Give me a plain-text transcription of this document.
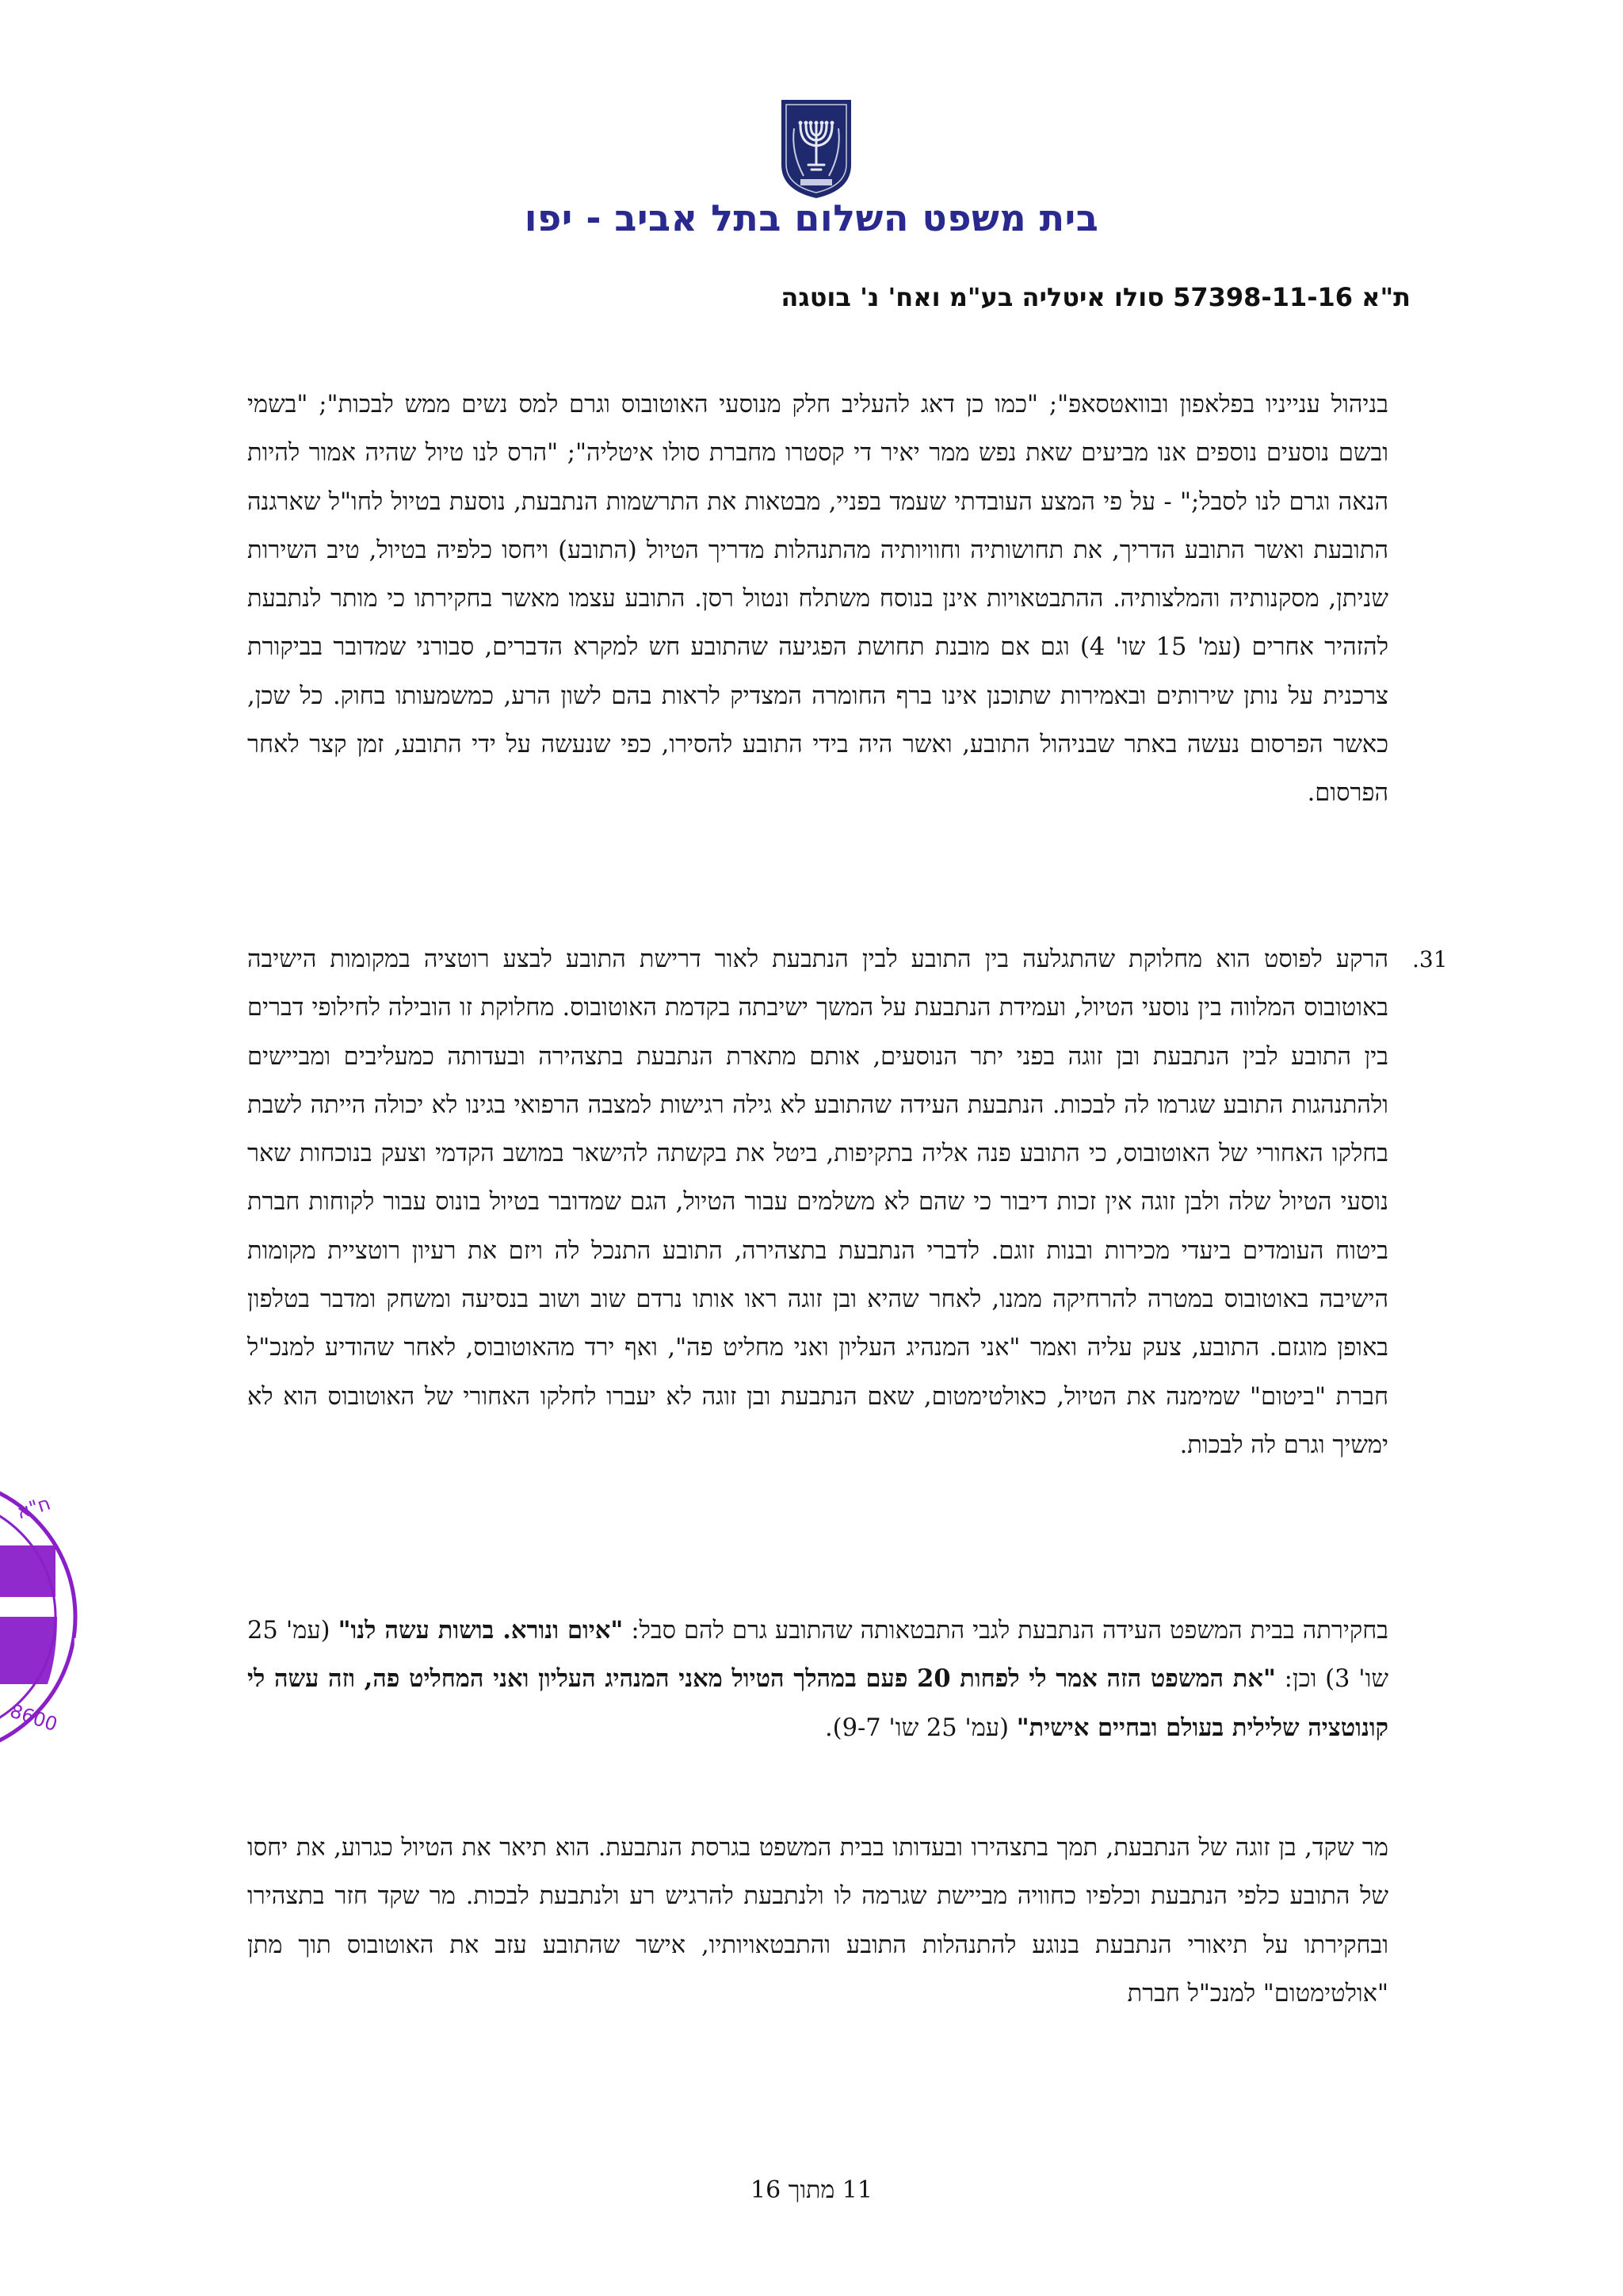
בית משפט השלום בתל אביב - יפו
ת"א 57398-11-16 סולו איטליה בע"מ ואח' נ' בוטגה
בניהול ענייניו בפלאפון ובוואטסאפ"; "כמו כן דאג להעליב חלק מנוסעי האוטובוס וגרם למס נשים ממש לבכות"; "בשמי ובשם נוסעים נוספים אנו מביעים שאת נפש ממר יאיר די קסטרו מחברת סולו איטליה"; "הרס לנו טיול שהיה אמור להיות הנאה וגרם לנו לסבל;" - על פי המצע העובדתי שעמד בפניי, מבטאות את התרשמות הנתבעת, נוסעת בטיול לחו"ל שארגנה התובעת ואשר התובע הדריך, את תחושותיה וחוויותיה מהתנהלות מדריך הטיול (התובע) ויחסו כלפיה בטיול, טיב השירות שניתן, מסקנותיה והמלצותיה. ההתבטאויות אינן בנוסח משתלח ונטול רסן. התובע עצמו מאשר בחקירתו כי מותר לנתבעת להזהיר אחרים (עמ' 15 שו' 4) וגם אם מובנת תחושת הפגיעה שהתובע חש למקרא הדברים, סבורני שמדובר בביקורת צרכנית על נותן שירותים ובאמירות שתוכנן אינו ברף החומרה המצדיק לראות בהם לשון הרע, כמשמעותו בחוק. כל שכן, כאשר הפרסום נעשה באתר שבניהול התובע, ואשר היה בידי התובע להסירו, כפי שנעשה על ידי התובע, זמן קצר לאחר הפרסום.
31.
הרקע לפוסט הוא מחלוקת שהתגלעה בין התובע לבין הנתבעת לאור דרישת התובע לבצע רוטציה במקומות הישיבה באוטובוס המלווה בין נוסעי הטיול, ועמידת הנתבעת על המשך ישיבתה בקדמת האוטובוס. מחלוקת זו הובילה לחילופי דברים בין התובע לבין הנתבעת ובן זוגה בפני יתר הנוסעים, אותם מתארת הנתבעת בתצהירה ובעדותה כמעליבים ומביישים ולהתנהגות התובע שגרמו לה לבכות. הנתבעת העידה שהתובע לא גילה רגישות למצבה הרפואי בגינו לא יכולה הייתה לשבת בחלקו האחורי של האוטובוס, כי התובע פנה אליה בתקיפות, ביטל את בקשתה להישאר במושב הקדמי וצעק בנוכחות שאר נוסעי הטיול שלה ולבן זוגה אין זכות דיבור כי שהם לא משלמים עבור הטיול, הגם שמדובר בטיול בונוס עבור לקוחות חברת ביטוח העומדים ביעדי מכירות ובנות זוגם. לדברי הנתבעת בתצהירה, התובע התנכל לה ויזם את רעיון רוטציית מקומות הישיבה באוטובוס במטרה להרחיקה ממנו, לאחר שהיא ובן זוגה ראו אותו נרדם שוב ושוב בנסיעה ומשחק ומדבר בטלפון באופן מוגזם. התובע, צעק עליה ואמר "אני המנהיג העליון ואני מחליט פה", ואף ירד מהאוטובוס, לאחר שהודיע למנכ"ל חברת "ביטום" שמימנה את הטיול, כאולטימטום, שאם הנתבעת ובן זוגה לא יעברו לחלקו האחורי של האוטובוס הוא לא ימשיך וגרם לה לבכות.
בחקירתה בבית המשפט העידה הנתבעת לגבי התבטאותה שהתובע גרם להם סבל: "איום ונורא. בושות עשה לנו" (עמ' 25 שו' 3) וכן: "את המשפט הזה אמר לי לפחות 20 פעם במהלך הטיול מאני המנהיג העליון ואני המחליט פה, וזה עשה לי קונוטציה שלילית בעולם ובחיים אישית" (עמ' 25 שו' 9-7).
מר שקד, בן זוגה של הנתבעת, תמך בתצהירו ובעדותו בבית המשפט בגרסת הנתבעת. הוא תיאר את הטיול כגרוע, את יחסו של התובע כלפי הנתבעת וכלפיו כחוויה מביישת שגרמה לו ולנתבעת להרגיש רע ולנתבעת לבכות. מר שקד חזר בתצהירו ובחקירתו על תיאורי הנתבעת בנוגע להתנהלות התובע והתבטאויותיו, אישר שהתובע עזב את האוטובוס תוך מתן "אולטימטום" למנכ"ל חברת
11 מתוך 16
ח"א
למקו
8600
